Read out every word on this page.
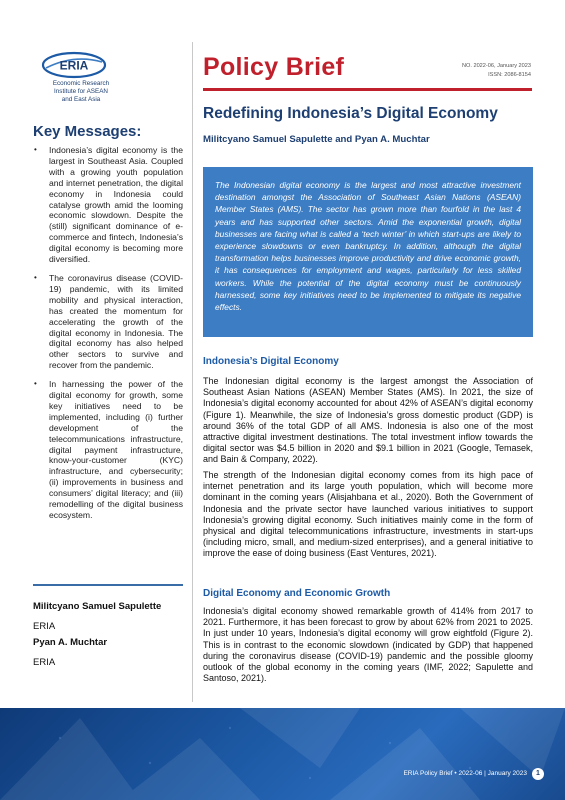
ERIA
Economic Research
Institute for ASEAN
and East Asia
Key Messages:
• Indonesia’s digital economy is the largest in Southeast Asia. Coupled with a growing youth population and internet penetration, the digital economy in Indonesia could catalyse growth amid the looming economic slowdown. Despite the (still) significant dominance of e-commerce and fintech, Indonesia’s digital economy is becoming more diversified.
• The coronavirus disease (COVID-19) pandemic, with its limited mobility and physical interaction, has created the momentum for accelerating the growth of the digital economy in Indonesia. The digital economy has also helped other sectors to survive and recover from the pandemic.
• In harnessing the power of the digital economy for growth, some key initiatives need to be implemented, including (i) further development of the telecommunications infrastructure, digital payment infrastructure, know-your-customer (KYC) infrastructure, and cybersecurity; (ii) improvements in business and consumers’ digital literacy; and (iii) remodelling of the digital business ecosystem.
Militcyano Samuel Sapulette
ERIA
Pyan A. Muchtar
ERIA
Policy Brief	NO. 2022-06, January 2023
ISSN: 2086-8154
Redefining Indonesia’s Digital Economy
Militcyano Samuel Sapulette and Pyan A. Muchtar

The Indonesian digital economy is the largest and most attractive investment destination amongst the Association of Southeast Asian Nations (ASEAN) Member States (AMS). The sector has grown more than fourfold in the last 4 years and has supported other sectors. Amid the exponential growth, digital businesses are facing what is called a ‘tech winter’ in which start-ups are likely to experience slowdowns or even bankruptcy. In addition, although the digital transformation helps businesses improve productivity and drive economic growth, it has consequences for employment and wages, particularly for less skilled workers. While the potential of the digital economy must be continuously harnessed, some key initiatives need to be implemented to mitigate its negative effects.

Indonesia’s Digital Economy

The Indonesian digital economy is the largest amongst the Association of Southeast Asian Nations (ASEAN) Member States (AMS). In 2021, the size of Indonesia’s digital economy accounted for about 42% of ASEAN’s digital economy (Figure 1). Meanwhile, the size of Indonesia’s gross domestic product (GDP) is around 36% of the total GDP of all AMS. Indonesia is also one of the most attractive digital investment destinations. The total investment inflow towards the digital sector was $4.5 billion in 2020 and $9.1 billion in 2021 (Google, Temasek, and Bain & Company, 2022).

The strength of the Indonesian digital economy comes from its high pace of internet penetration and its large youth population, which will become more dominant in the coming years (Alisjahbana et al., 2020). Both the Government of Indonesia and the private sector have launched various initiatives to support Indonesia’s growing digital economy. Such initiatives mainly come in the form of physical and digital telecommunications infrastructure, investments in start-ups (including micro, small, and medium-sized enterprises), and a general initiative to improve the ease of doing business (East Ventures, 2021).

Digital Economy and Economic Growth

Indonesia’s digital economy showed remarkable growth of 414% from 2017 to 2021. Furthermore, it has been forecast to grow by about 62% from 2021 to 2025. In just under 10 years, Indonesia’s digital economy will grow eightfold (Figure 2). This is in contrast to the economic slowdown (indicated by GDP) that happened during the coronavirus disease (COVID-19) pandemic and the possible gloomy outlook of the global economy in the coming years (IMF, 2022; Sapulette and Santoso, 2021).

ERIA Policy Brief • 2022-06 | January 2023	1
